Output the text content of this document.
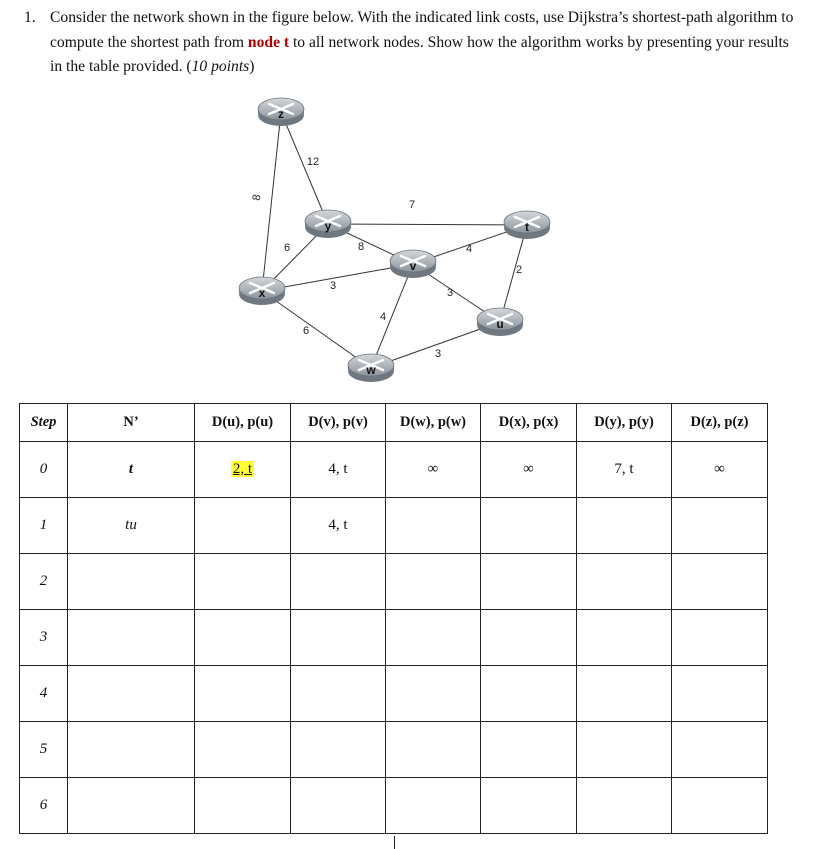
1. Consider the network shown in the figure below. With the indicated link costs, use Dijkstra’s shortest-path algorithm to compute the shortest path from node t to all network nodes. Show how the algorithm works by presenting your results in the table provided. (10 points)
8
12
7
6	8
3
6
4
4
3
2
3
z
y
v
t
x
u
w
Step	N’	D(u), p(u)	D(v), p(v)	D(w), p(w)	D(x), p(x)	D(y), p(y)	D(z), p(z)
0	t	2, t	4, t	∞	∞	7, t	∞
1	tu		4, t				
2							
3							
4							
5							
6							
